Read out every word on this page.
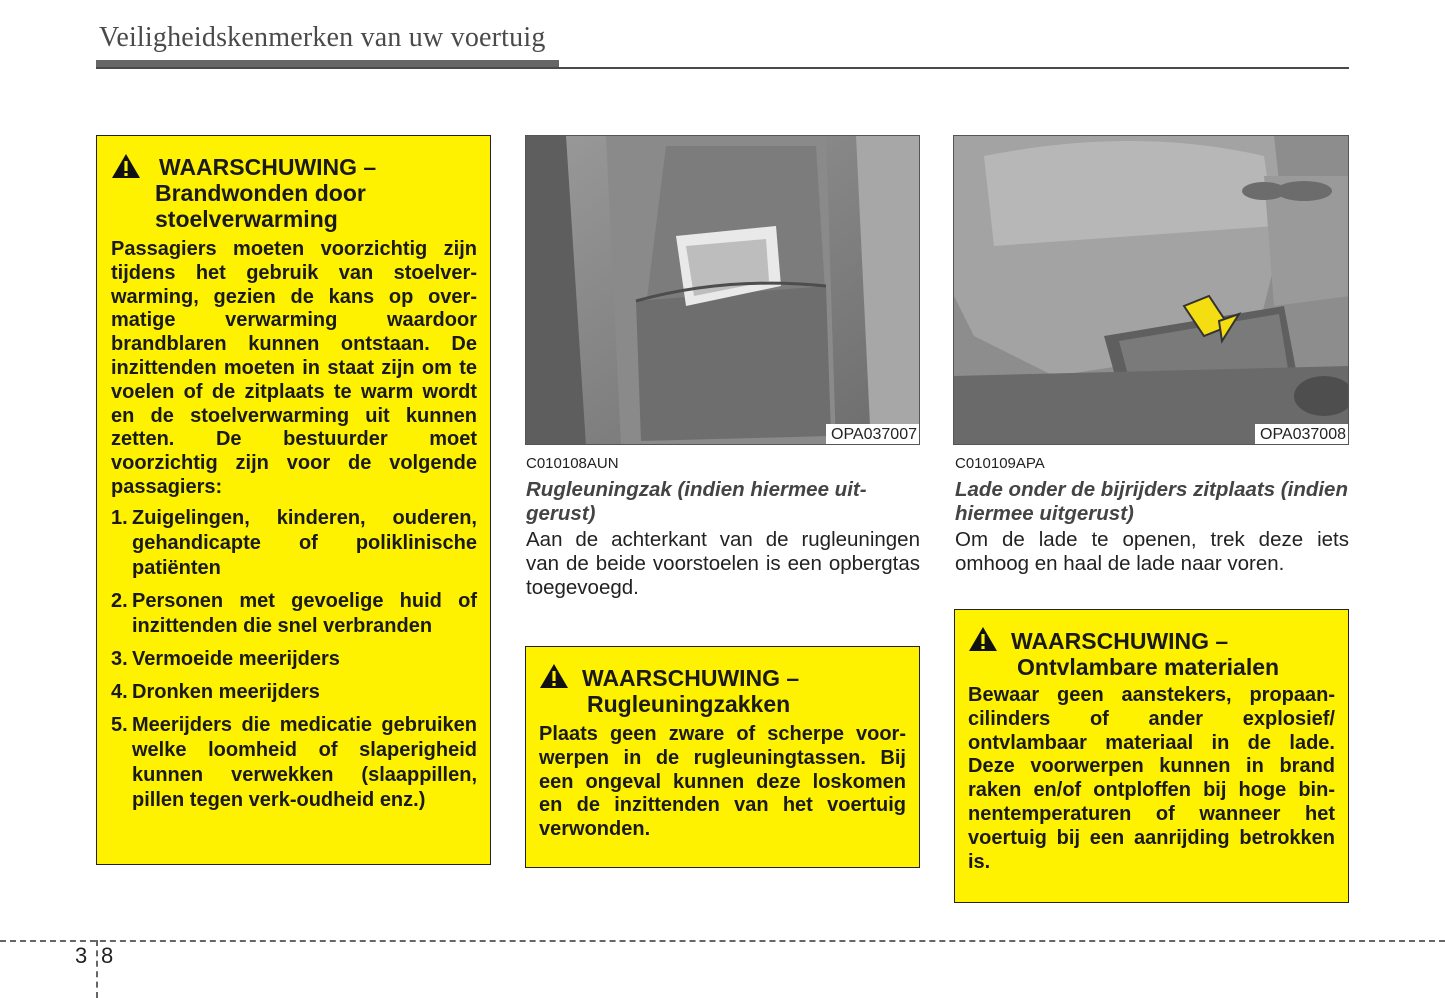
Veiligheidskenmerken van uw voertuig
WAARSCHUWING –
Brandwonden door
stoelverwarming

Passagiers moeten voorzichtig zijn tijdens het gebruik van stoelver-warming, gezien de kans op over-matige verwarming waardoor brandblaren kunnen ontstaan. De inzittenden moeten in staat zijn om te voelen of de zitplaats te warm wordt en de stoelverwarming uit kunnen zetten. De bestuurder moet voorzichtig zijn voor de volgende passagiers:

1. Zuigelingen, kinderen, ouderen, gehandicapte of poliklinische patiënten
2. Personen met gevoelige huid of inzittenden die snel verbranden
3. Vermoeide meerijders
4. Dronken meerijders
5. Meerijders die medicatie gebruiken welke loomheid of slaperigheid kunnen verwekken (slaappillen, pillen tegen verk-oudheid enz.)
OPA037007
C010108AUN
Rugleuningzak (indien hiermee uit-gerust)
Aan de achterkant van de rugleuningen van de beide voorstoelen is een opbergtas toegevoegd.
WAARSCHUWING –
Rugleuningzakken

Plaats geen zware of scherpe voor-werpen in de rugleuningtassen. Bij een ongeval kunnen deze loskomen en de inzittenden van het voertuig verwonden.

OPA037008
C010109APA
Lade onder de bijrijders zitplaats (indien hiermee uitgerust)
Om de lade te openen, trek deze iets omhoog en haal de lade naar voren.
WAARSCHUWING –
Ontvlambare materialen

Bewaar geen aanstekers, propaan-cilinders of ander explosief/ ontvlambaar materiaal in de lade. Deze voorwerpen kunnen in brand raken en/of ontploffen bij hoge bin-nentemperaturen of wanneer het voertuig bij een aanrijding betrokken is.

3 8
